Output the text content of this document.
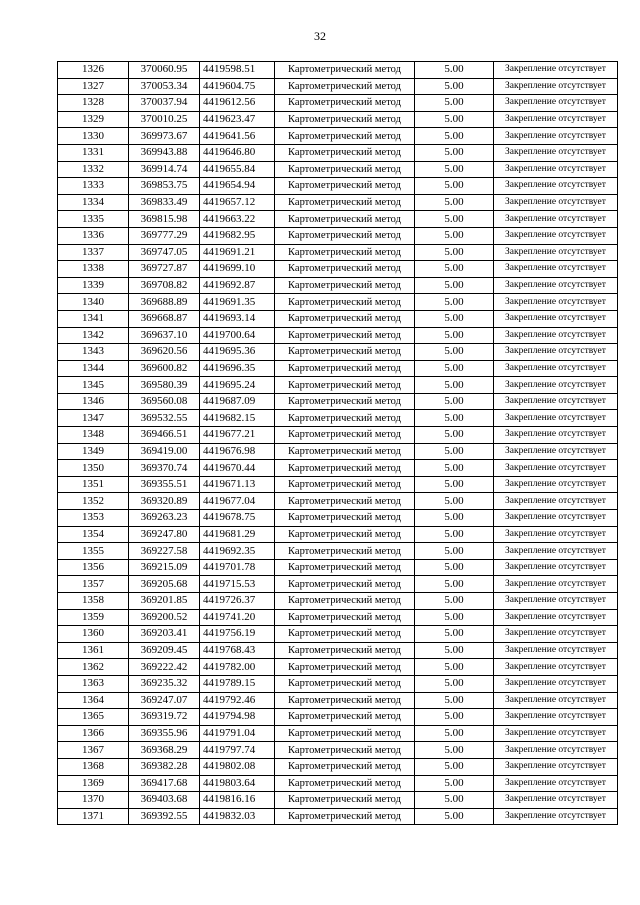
32
1326	370060.95	4419598.51	Картометрический метод	5.00	Закрепление отсутствует
1327	370053.34	4419604.75	Картометрический метод	5.00	Закрепление отсутствует
1328	370037.94	4419612.56	Картометрический метод	5.00	Закрепление отсутствует
1329	370010.25	4419623.47	Картометрический метод	5.00	Закрепление отсутствует
1330	369973.67	4419641.56	Картометрический метод	5.00	Закрепление отсутствует
1331	369943.88	4419646.80	Картометрический метод	5.00	Закрепление отсутствует
1332	369914.74	4419655.84	Картометрический метод	5.00	Закрепление отсутствует
1333	369853.75	4419654.94	Картометрический метод	5.00	Закрепление отсутствует
1334	369833.49	4419657.12	Картометрический метод	5.00	Закрепление отсутствует
1335	369815.98	4419663.22	Картометрический метод	5.00	Закрепление отсутствует
1336	369777.29	4419682.95	Картометрический метод	5.00	Закрепление отсутствует
1337	369747.05	4419691.21	Картометрический метод	5.00	Закрепление отсутствует
1338	369727.87	4419699.10	Картометрический метод	5.00	Закрепление отсутствует
1339	369708.82	4419692.87	Картометрический метод	5.00	Закрепление отсутствует
1340	369688.89	4419691.35	Картометрический метод	5.00	Закрепление отсутствует
1341	369668.87	4419693.14	Картометрический метод	5.00	Закрепление отсутствует
1342	369637.10	4419700.64	Картометрический метод	5.00	Закрепление отсутствует
1343	369620.56	4419695.36	Картометрический метод	5.00	Закрепление отсутствует
1344	369600.82	4419696.35	Картометрический метод	5.00	Закрепление отсутствует
1345	369580.39	4419695.24	Картометрический метод	5.00	Закрепление отсутствует
1346	369560.08	4419687.09	Картометрический метод	5.00	Закрепление отсутствует
1347	369532.55	4419682.15	Картометрический метод	5.00	Закрепление отсутствует
1348	369466.51	4419677.21	Картометрический метод	5.00	Закрепление отсутствует
1349	369419.00	4419676.98	Картометрический метод	5.00	Закрепление отсутствует
1350	369370.74	4419670.44	Картометрический метод	5.00	Закрепление отсутствует
1351	369355.51	4419671.13	Картометрический метод	5.00	Закрепление отсутствует
1352	369320.89	4419677.04	Картометрический метод	5.00	Закрепление отсутствует
1353	369263.23	4419678.75	Картометрический метод	5.00	Закрепление отсутствует
1354	369247.80	4419681.29	Картометрический метод	5.00	Закрепление отсутствует
1355	369227.58	4419692.35	Картометрический метод	5.00	Закрепление отсутствует
1356	369215.09	4419701.78	Картометрический метод	5.00	Закрепление отсутствует
1357	369205.68	4419715.53	Картометрический метод	5.00	Закрепление отсутствует
1358	369201.85	4419726.37	Картометрический метод	5.00	Закрепление отсутствует
1359	369200.52	4419741.20	Картометрический метод	5.00	Закрепление отсутствует
1360	369203.41	4419756.19	Картометрический метод	5.00	Закрепление отсутствует
1361	369209.45	4419768.43	Картометрический метод	5.00	Закрепление отсутствует
1362	369222.42	4419782.00	Картометрический метод	5.00	Закрепление отсутствует
1363	369235.32	4419789.15	Картометрический метод	5.00	Закрепление отсутствует
1364	369247.07	4419792.46	Картометрический метод	5.00	Закрепление отсутствует
1365	369319.72	4419794.98	Картометрический метод	5.00	Закрепление отсутствует
1366	369355.96	4419791.04	Картометрический метод	5.00	Закрепление отсутствует
1367	369368.29	4419797.74	Картометрический метод	5.00	Закрепление отсутствует
1368	369382.28	4419802.08	Картометрический метод	5.00	Закрепление отсутствует
1369	369417.68	4419803.64	Картометрический метод	5.00	Закрепление отсутствует
1370	369403.68	4419816.16	Картометрический метод	5.00	Закрепление отсутствует
1371	369392.55	4419832.03	Картометрический метод	5.00	Закрепление отсутствует
